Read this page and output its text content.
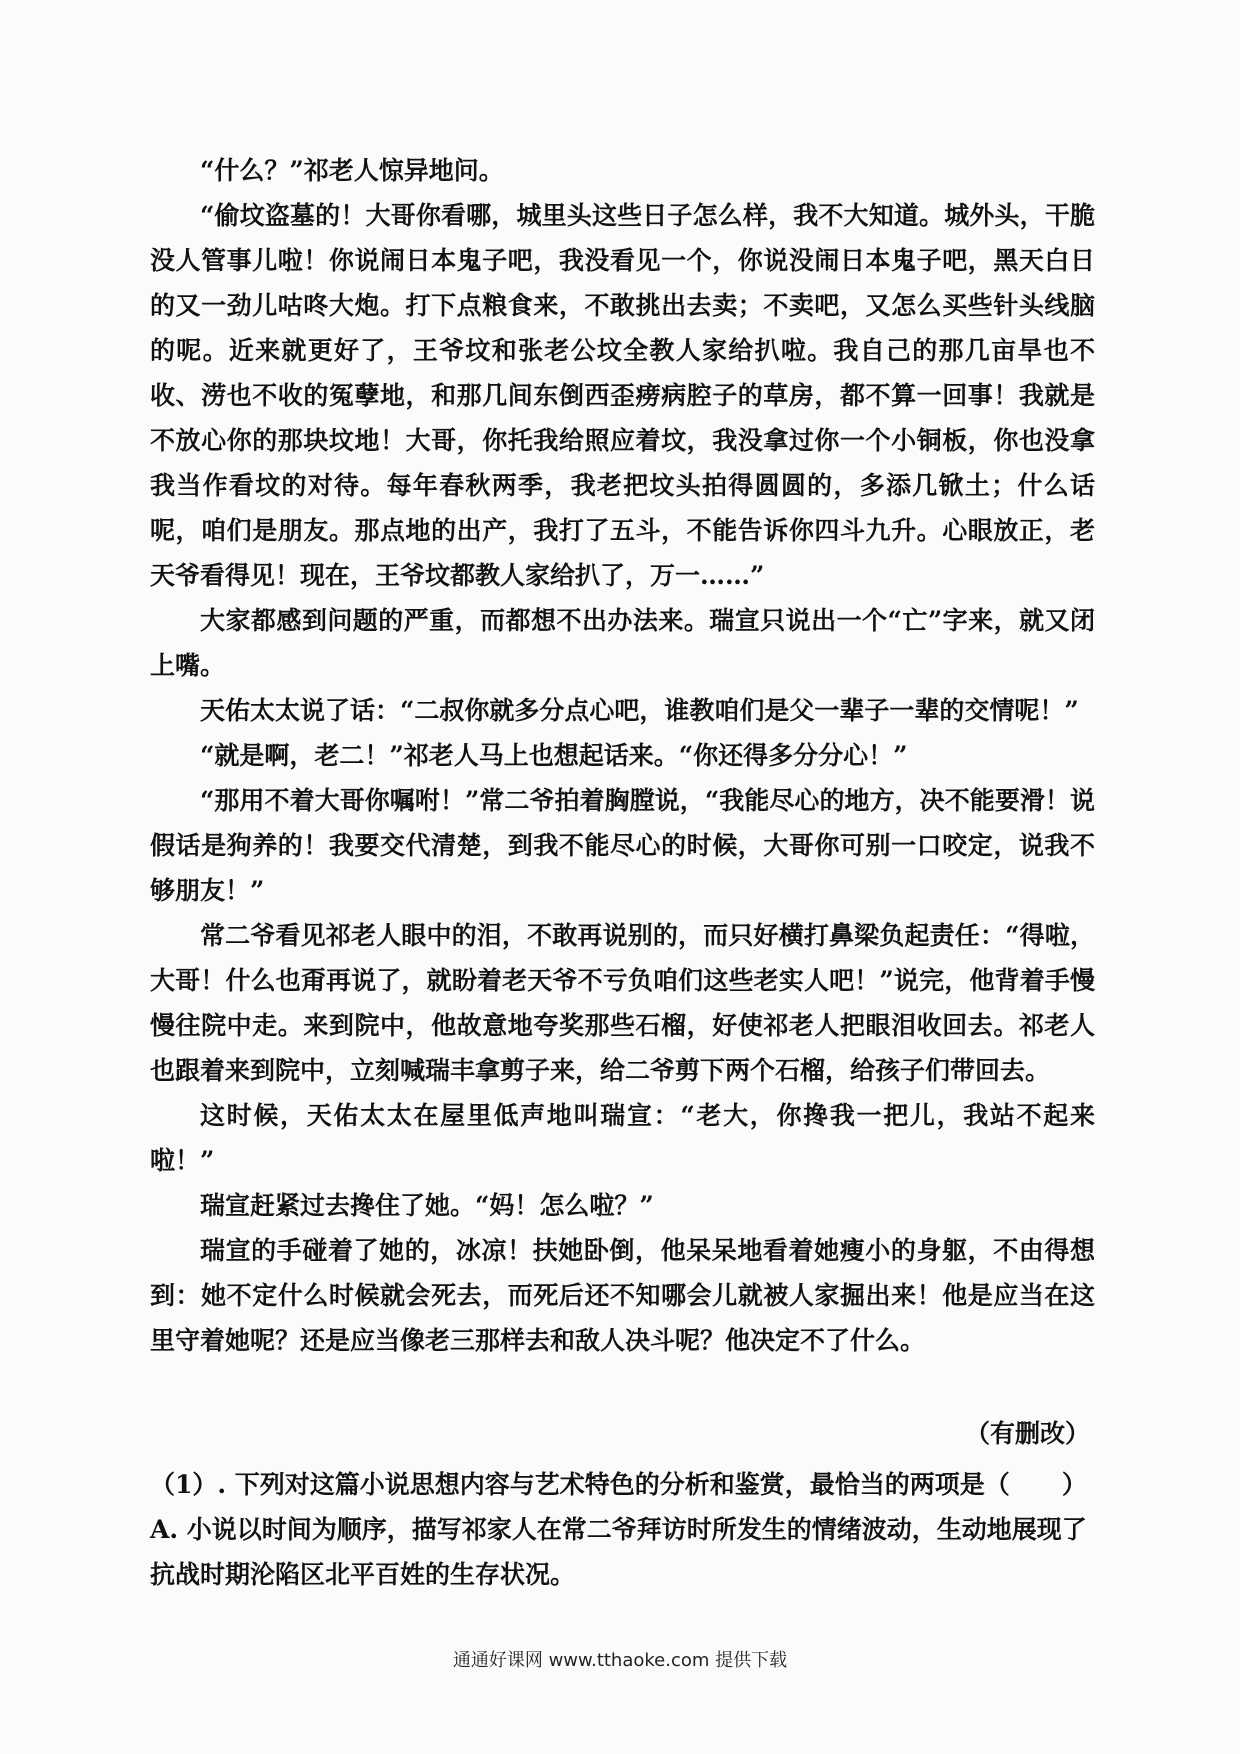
“什么？”祁老人惊异地问。

“偷坟盗墓的！大哥你看哪，城里头这些日子怎么样，我不大知道。城外头，干脆没人管事儿啦！你说闹日本鬼子吧，我没看见一个，你说没闹日本鬼子吧，黑天白日的又一劲儿咕咚大炮。打下点粮食来，不敢挑出去卖；不卖吧，又怎么买些针头线脑的呢。近来就更好了，王爷坟和张老公坟全教人家给扒啦。我自己的那几亩旱也不收、涝也不收的冤孽地，和那几间东倒西歪痨病腔子的草房，都不算一回事！我就是不放心你的那块坟地！大哥，你托我给照应着坟，我没拿过你一个小铜板，你也没拿我当作看坟的对待。每年春秋两季，我老把坟头拍得圆圆的，多添几锨土；什么话呢，咱们是朋友。那点地的出产，我打了五斗，不能告诉你四斗九升。心眼放正，老天爷看得见！现在，王爷坟都教人家给扒了，万一……”

大家都感到问题的严重，而都想不出办法来。瑞宣只说出一个“亡”字来，就又闭上嘴。

天佑太太说了话：“二叔你就多分点心吧，谁教咱们是父一辈子一辈的交情呢！”

“就是啊，老二！”祁老人马上也想起话来。“你还得多分分心！”

“那用不着大哥你嘱咐！”常二爷拍着胸膛说，“我能尽心的地方，决不能要滑！说假话是狗养的！我要交代清楚，到我不能尽心的时候，大哥你可别一口咬定，说我不够朋友！”

常二爷看见祁老人眼中的泪，不敢再说别的，而只好横打鼻梁负起责任：“得啦，大哥！什么也甭再说了，就盼着老天爷不亏负咱们这些老实人吧！”说完，他背着手慢慢往院中走。来到院中，他故意地夸奖那些石榴，好使祁老人把眼泪收回去。祁老人也跟着来到院中，立刻喊瑞丰拿剪子来，给二爷剪下两个石榴，给孩子们带回去。

这时候，天佑太太在屋里低声地叫瑞宣：“老大，你搀我一把儿，我站不起来啦！”

瑞宣赶紧过去搀住了她。“妈！怎么啦？”

瑞宣的手碰着了她的，冰凉！扶她卧倒，他呆呆地看着她瘦小的身躯，不由得想到：她不定什么时候就会死去，而死后还不知哪会儿就被人家掘出来！他是应当在这里守着她呢？还是应当像老三那样去和敌人决斗呢？他决定不了什么。

（有删改）

（1）. 下列对这篇小说思想内容与艺术特色的分析和鉴赏，最恰当的两项是（ ）

A. 小说以时间为顺序，描写祁家人在常二爷拜访时所发生的情绪波动，生动地展现了抗战时期沦陷区北平百姓的生存状况。

通通好课网 www.tthaoke.com 提供下载
